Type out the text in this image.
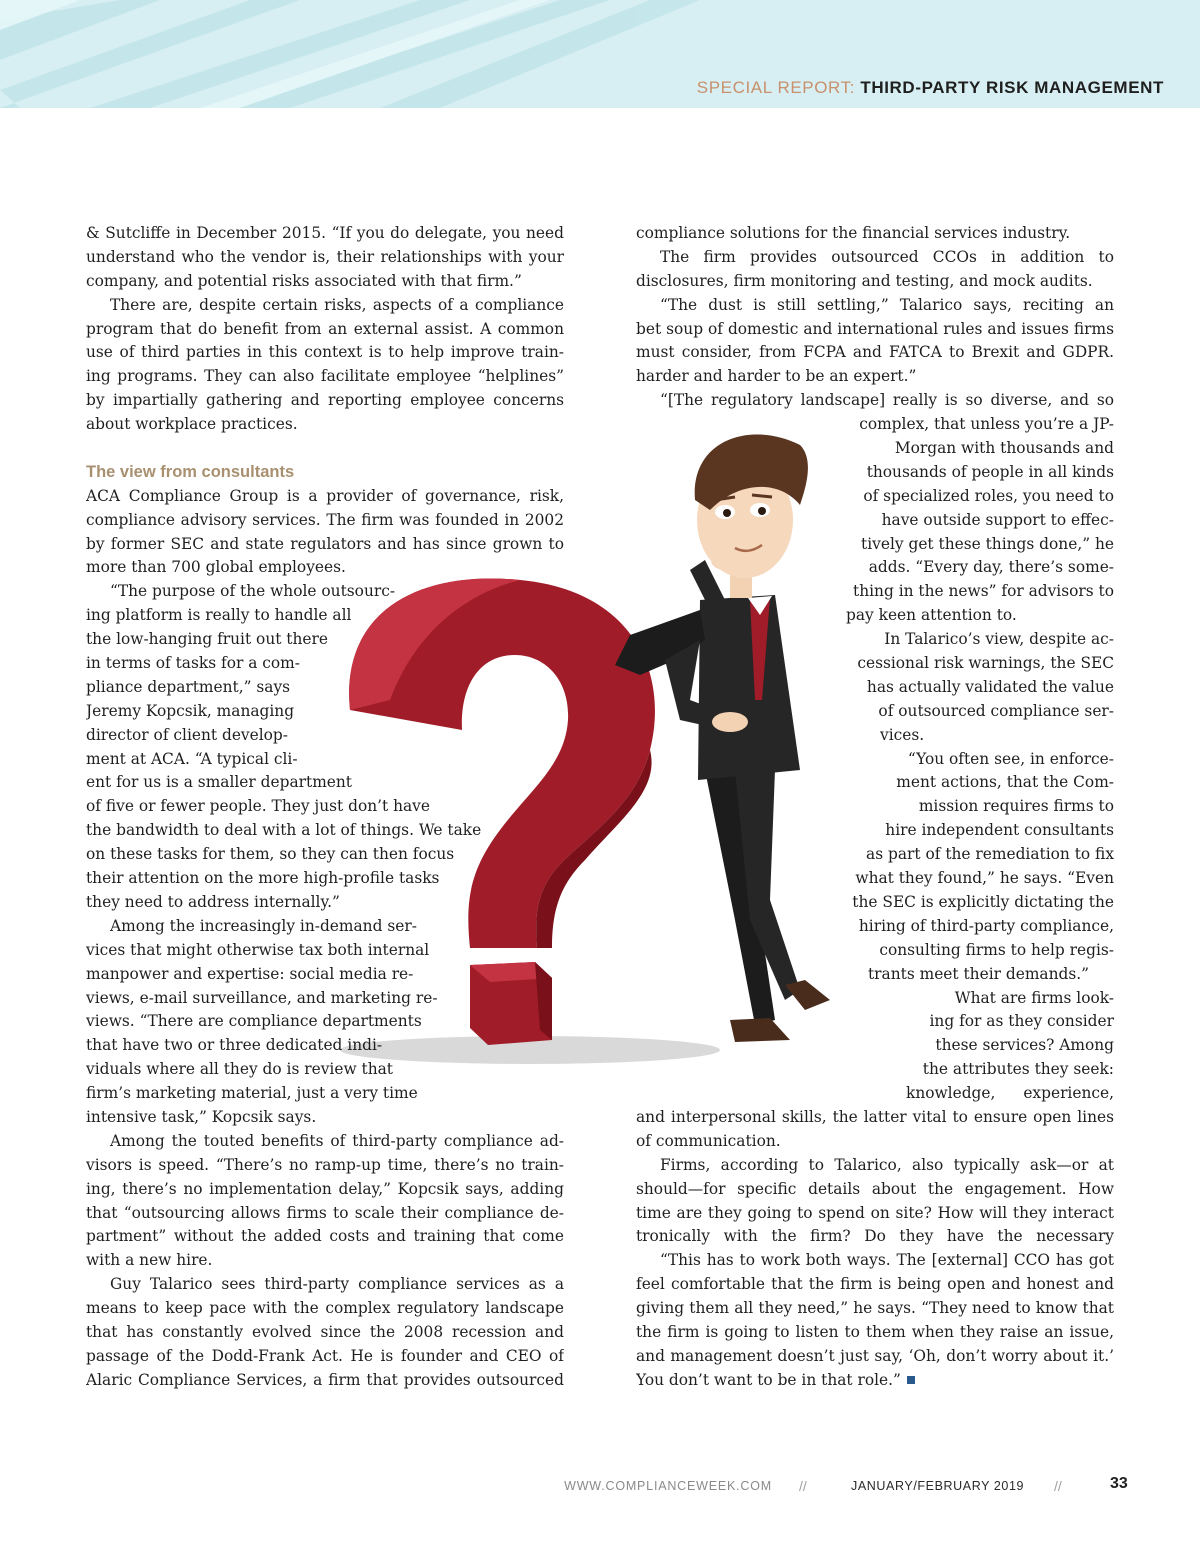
SPECIAL REPORT: THIRD-PARTY RISK MANAGEMENT
& Sutcliffe in December 2015. “If you do delegate, you need
understand who the vendor is, their relationships with your
company, and potential risks associated with that firm.”
There are, despite certain risks, aspects of a compliance
program that do benefit from an external assist. A common
use of third parties in this context is to help improve train-
ing programs. They can also facilitate employee “helplines”
by impartially gathering and reporting employee concerns
about workplace practices.
The view from consultants
ACA Compliance Group is a provider of governance, risk,
compliance advisory services. The firm was founded in 2002
by former SEC and state regulators and has since grown to
more than 700 global employees.
“The purpose of the whole outsourc-
ing platform is really to handle all
the low-hanging fruit out there
in terms of tasks for a com-
pliance department,” says
Jeremy Kopcsik, managing
director of client develop-
ment at ACA. “A typical cli-
ent for us is a smaller department
of five or fewer people. They just don’t have
the bandwidth to deal with a lot of things. We take
on these tasks for them, so they can then focus
their attention on the more high-profile tasks
they need to address internally.”
Among the increasingly in-demand ser-
vices that might otherwise tax both internal
manpower and expertise: social media re-
views, e-mail surveillance, and marketing re-
views. “There are compliance departments
that have two or three dedicated indi-
viduals where all they do is review that
firm’s marketing material, just a very time
intensive task,” Kopcsik says.
Among the touted benefits of third-party compliance ad-
visors is speed. “There’s no ramp-up time, there’s no train-
ing, there’s no implementation delay,” Kopcsik says, adding
that “outsourcing allows firms to scale their compliance de-
partment” without the added costs and training that come
with a new hire.
Guy Talarico sees third-party compliance services as a
means to keep pace with the complex regulatory landscape
that has constantly evolved since the 2008 recession and
passage of the Dodd-Frank Act. He is founder and CEO of
Alaric Compliance Services, a firm that provides outsourced
compliance solutions for the financial services industry.
The firm provides outsourced CCOs in addition to
disclosures, firm monitoring and testing, and mock audits.
“The dust is still settling,” Talarico says, reciting an
bet soup of domestic and international rules and issues firms
must consider, from FCPA and FATCA to Brexit and GDPR.
harder and harder to be an expert.”
“[The regulatory landscape] really is so diverse, and so
complex, that unless you’re a JP-
Morgan with thousands and
thousands of people in all kinds
of specialized roles, you need to
have outside support to effec-
tively get these things done,” he
adds. “Every day, there’s some-
thing in the news” for advisors to
pay keen attention to.
In Talarico’s view, despite ac-
cessional risk warnings, the SEC
has actually validated the value
of outsourced compliance ser-
vices.
“You often see, in enforce-
ment actions, that the Com-
mission requires firms to
hire independent consultants
as part of the remediation to fix
what they found,” he says. “Even
the SEC is explicitly dictating the
hiring of third-party compliance,
consulting firms to help regis-
trants meet their demands.”
What are firms look-
ing for as they consider
these services? Among
the attributes they seek:
knowledge, experience,
and interpersonal skills, the latter vital to ensure open lines
of communication.
Firms, according to Talarico, also typically ask—or at
should—for specific details about the engagement. How
time are they going to spend on site? How will they interact
tronically with the firm? Do they have the necessary
“This has to work both ways. The [external] CCO has got
feel comfortable that the firm is being open and honest and
giving them all they need,” he says. “They need to know that
the firm is going to listen to them when they raise an issue,
and management doesn’t just say, ‘Oh, don’t worry about it.’
You don’t want to be in that role.”
WWW.COMPLIANCEWEEK.COM //	JANUARY/FEBRUARY 2019 //	33
